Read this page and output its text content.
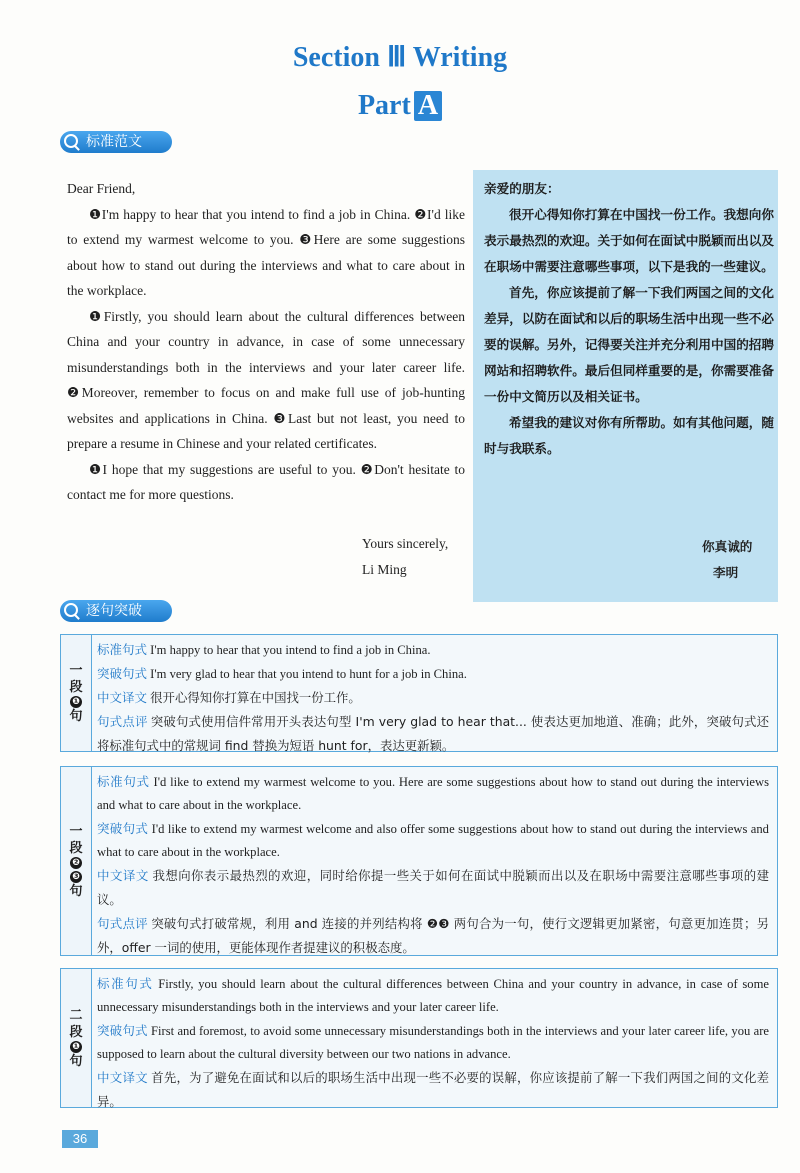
Section Ⅲ Writing
Part A
标准范文

Dear Friend,

❶I'm happy to hear that you intend to find a job in China. ❷I'd like to extend my warmest welcome to you. ❸Here are some suggestions about how to stand out during the interviews and what to care about in the workplace.

❶Firstly, you should learn about the cultural differences between China and your country in advance, in case of some unnecessary misunderstandings both in the interviews and your later career life. ❷Moreover, remember to focus on and make full use of job-hunting websites and applications in China. ❸Last but not least, you need to prepare a resume in Chinese and your related certificates.

❶I hope that my suggestions are useful to you. ❷Don't hesitate to contact me for more questions.

Yours sincerely,
Li Ming

亲爱的朋友：

很开心得知你打算在中国找一份工作。我想向你表示最热烈的欢迎。关于如何在面试中脱颖而出以及在职场中需要注意哪些事项，以下是我的一些建议。

首先，你应该提前了解一下我们两国之间的文化差异，以防在面试和以后的职场生活中出现一些不必要的误解。另外，记得要关注并充分利用中国的招聘网站和招聘软件。最后但同样重要的是，你需要准备一份中文简历以及相关证书。

希望我的建议对你有所帮助。如有其他问题，随时与我联系。

你真诚的
李明
逐句突破
一
段
❶
句

标准句式 I'm happy to hear that you intend to find a job in China.

突破句式 I'm very glad to hear that you intend to hunt for a job in China.

中文译文 很开心得知你打算在中国找一份工作。

句式点评 突破句式使用信件常用开头表达句型 I'm very glad to hear that... 使表达更加地道、准确；此外，突破句式还将标准句式中的常规词 find 替换为短语 hunt for，表达更新颖。

一
段
❷
❸
句

标准句式 I'd like to extend my warmest welcome to you. Here are some suggestions about how to stand out during the interviews and what to care about in the workplace.

突破句式 I'd like to extend my warmest welcome and also offer some suggestions about how to stand out during the interviews and what to care about in the workplace.

中文译文 我想向你表示最热烈的欢迎，同时给你提一些关于如何在面试中脱颖而出以及在职场中需要注意哪些事项的建议。

句式点评 突破句式打破常规，利用 and 连接的并列结构将 ❷❸ 两句合为一句，使行文逻辑更加紧密，句意更加连贯；另外，offer 一词的使用，更能体现作者提建议的积极态度。

二
段
❶
句

标准句式 Firstly, you should learn about the cultural differences between China and your country in advance, in case of some unnecessary misunderstandings both in the interviews and your later career life.

突破句式 First and foremost, to avoid some unnecessary misunderstandings both in the interviews and your later career life, you are supposed to learn about the cultural diversity between our two nations in advance.

中文译文 首先，为了避免在面试和以后的职场生活中出现一些不必要的误解，你应该提前了解一下我们两国之间的文化差异。

36
